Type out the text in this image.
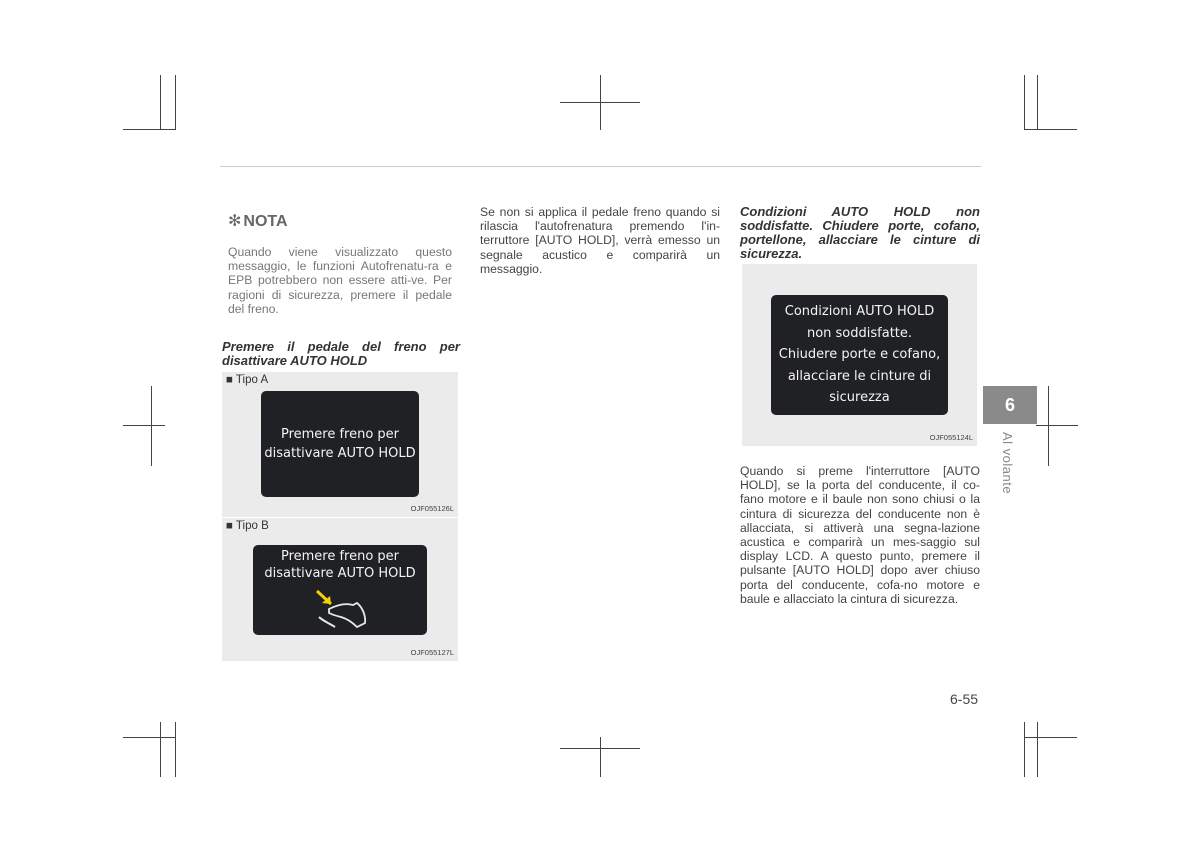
✻ NOTA

Quando viene visualizzato questo messaggio, le funzioni Autofrenatu-ra e EPB potrebbero non essere atti-ve. Per ragioni di sicurezza, premere il pedale del freno.

Premere il pedale del freno per disattivare AUTO HOLD

■ Tipo A
Premere freno per
disattivare AUTO HOLD
OJF055126L
■ Tipo B
Premere freno per
disattivare AUTO HOLD
OJF055127L

Se non si applica il pedale freno quando si rilascia l'autofrenatura premendo l'in-terruttore [AUTO HOLD], verrà emesso un segnale acustico e comparirà un messaggio.

Condizioni AUTO HOLD non soddisfatte. Chiudere porte, cofano, portellone, allacciare le cinture di sicurezza.

Condizioni AUTO HOLD
non soddisfatte.
Chiudere porte e cofano,
allacciare le cinture di
sicurezza
OJF055124L

Quando si preme l'interruttore [AUTO HOLD], se la porta del conducente, il co-fano motore e il baule non sono chiusi o la cintura di sicurezza del conducente non è allacciata, si attiverà una segna-lazione acustica e comparirà un mes-saggio sul display LCD. A questo punto, premere il pulsante [AUTO HOLD] dopo aver chiuso porta del conducente, cofa-no motore e baule e allacciato la cintura di sicurezza.

6
Al volante
6-55
